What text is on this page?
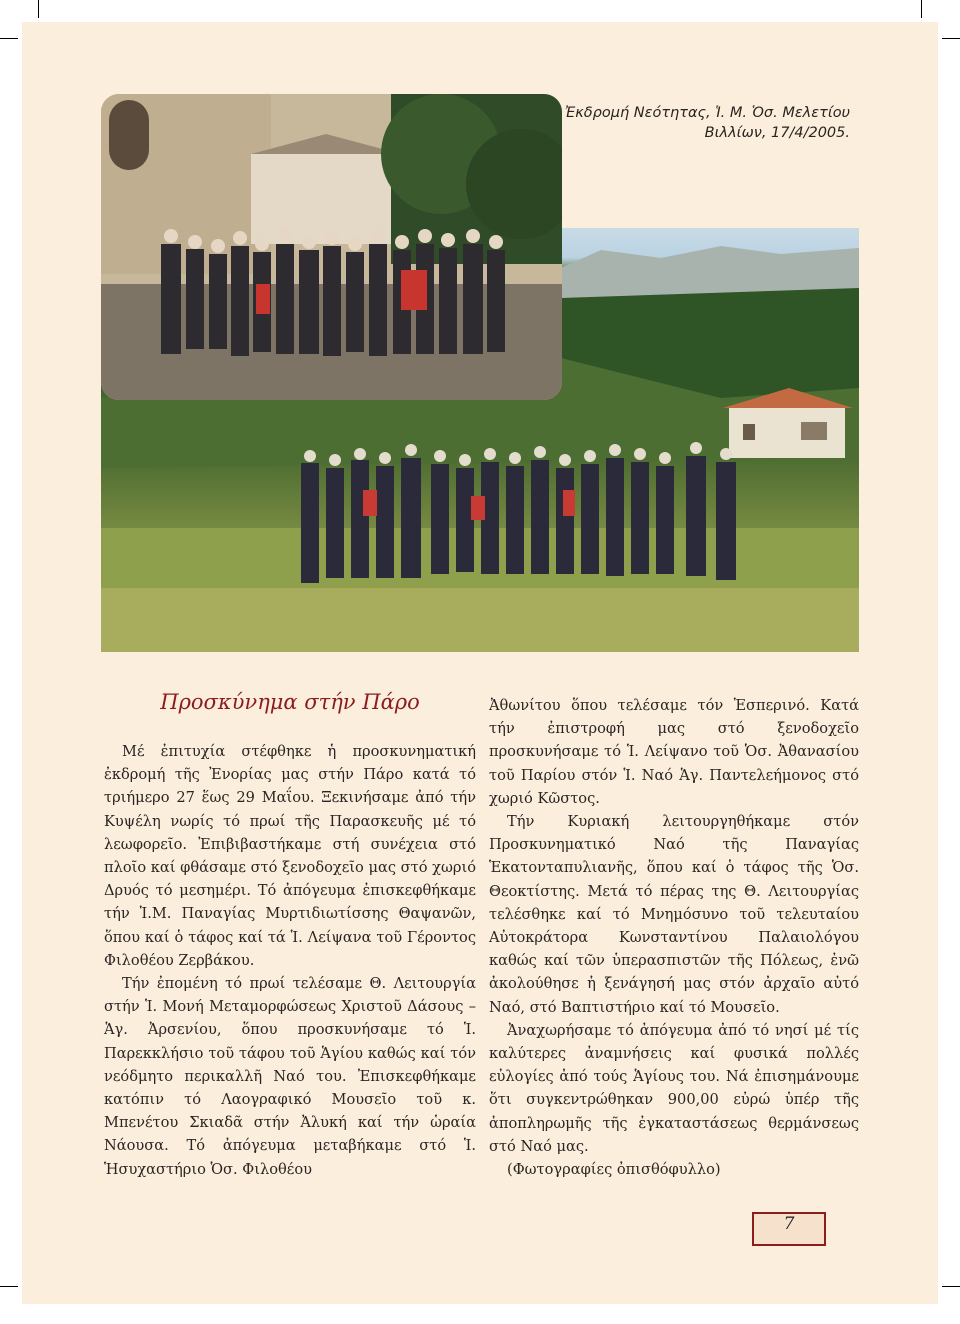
Ἐκδρομή Νεότητας, Ἱ. Μ. Ὁσ. Μελετίου
Βιλλίων, 17/4/2005.
Προσκύνημα στήν Πάρο

Μέ ἐπιτυχία στέφθηκε ἡ προσκυνηματική ἐκδρομή τῆς Ἐνορίας μας στήν Πάρο κατά τό τριήμερο 27 ἕως 29 Μαΐου. Ξεκινήσαμε ἀπό τήν Κυψέλη νωρίς τό πρωί τῆς Παρασκευῆς μέ τό λεωφορεῖο. Ἐπιβιβαστήκαμε στή συνέχεια στό πλοῖο καί φθάσαμε στό ξενοδοχεῖο μας στό χωριό Δρυός τό μεσημέρι. Τό ἀπόγευμα ἐπισκεφθήκαμε τήν Ἱ.Μ. Παναγίας Μυρτιδιωτίσσης Θαψανῶν, ὅπου καί ὁ τάφος καί τά Ἱ. Λείψανα τοῦ Γέροντος Φιλοθέου Ζερβάκου.

Τήν ἐπομένη τό πρωί τελέσαμε Θ. Λειτουργία στήν Ἱ. Μονή Μεταμορφώσεως Χριστοῦ Δάσους – Ἁγ. Ἀρσενίου, ὅπου προσκυνήσαμε τό Ἱ. Παρεκκλήσιο τοῦ τάφου τοῦ Ἁγίου καθώς καί τόν νεόδμητο περικαλλῆ Ναό του. Ἐπισκεφθήκαμε κατόπιν τό Λαογραφικό Μουσεῖο τοῦ κ. Μπενέτου Σκιαδᾶ στήν Ἀλυκή καί τήν ὡραία Νάουσα. Τό ἀπόγευμα μεταβήκαμε στό Ἱ. Ἡσυχαστήριο Ὁσ. Φιλοθέου

Ἀθωνίτου ὅπου τελέσαμε τόν Ἑσπερινό. Κατά τήν ἐπιστροφή μας στό ξενοδοχεῖο προσκυνήσαμε τό Ἱ. Λείψανο τοῦ Ὁσ. Ἀθανασίου τοῦ Παρίου στόν Ἱ. Ναό Ἁγ. Παντελεήμονος στό χωριό Κῶστος.

Τήν Κυριακή λειτουργηθήκαμε στόν Προσκυνηματικό Ναό τῆς Παναγίας Ἑκατονταπυλιανῆς, ὅπου καί ὁ τάφος τῆς Ὁσ. Θεοκτίστης. Μετά τό πέρας της Θ. Λειτουργίας τελέσθηκε καί τό Μνημόσυνο τοῦ τελευταίου Αὐτοκράτορα Κωνσταντίνου Παλαιολόγου καθώς καί τῶν ὑπερασπιστῶν τῆς Πόλεως, ἐνῶ ἀκολούθησε ἡ ξενάγησή μας στόν ἀρχαῖο αὐτό Ναό, στό Βαπτιστήριο καί τό Μουσεῖο.

Ἀναχωρήσαμε τό ἀπόγευμα ἀπό τό νησί μέ τίς καλύτερες ἀναμνήσεις καί φυσικά πολλές εὐλογίες ἀπό τούς Ἁγίους του. Νά ἐπισημάνουμε ὅτι συγκεντρώθηκαν 900,00 εὐρώ ὑπέρ τῆς ἀποπληρωμῆς τῆς ἐγκαταστάσεως θερμάνσεως στό Ναό μας.

(Φωτογραφίες ὀπισθόφυλλο)

7
